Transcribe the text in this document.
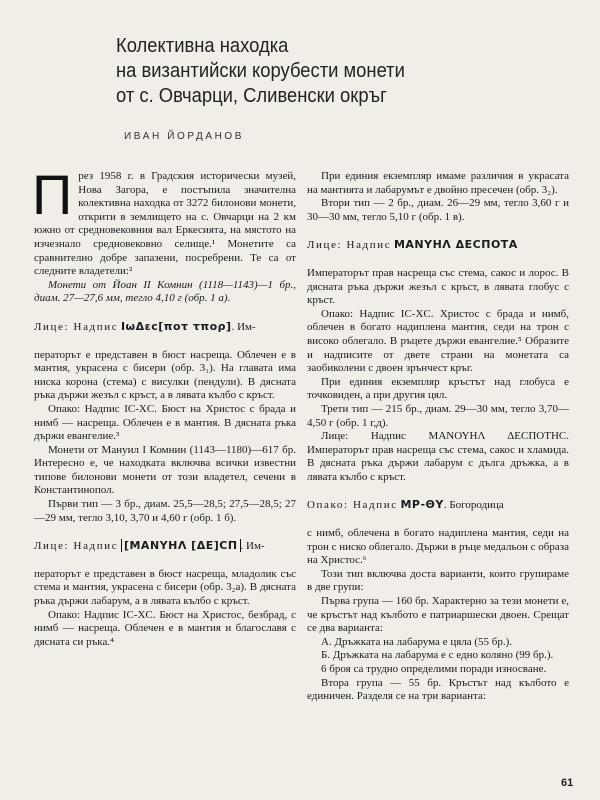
Колективна находка
на византийски корубести монети
от с. Овчарци, Сливенски окръг
ИВАН ЙОРДАНОВ

През 1958 г. в Градския исторически музей, Нова Загора, е постъпила значителна колективна находка от 3272 билонови монети, открити в землището на с. Овчарци на 2 км южно от средновековния вал Еркесията, на мястото на изчезнало средновековно селище.¹ Монетите са сравнително добре запазени, посребрени. Те са от следните владетели:²

Монети от Йоан II Комнин (1118—1143)—1 бр., диам. 27—27,6 мм, тегло 4,10 г (обр. 1 а).

Лице: Надпис IωΔεc[ποτ τπορ]. Им-

ператорът е представен в бюст насреща. Облечен е в мантия, украсена с бисери (обр. 3₁). На главата има ниска корона (стема) с висулки (пендули). В дясната ръка държи жезъл с кръст, а в лявата кълбо с кръст.

Опако: Надпис IC-XC. Бюст на Христос с брада и нимб — насреща. Облечен е в мантия. В дясната ръка държи евангелие.³

Монети от Мануил I Комнин (1143—1180)—617 бр. Интересно е, че находката включва всички известни типове билонови монети от този владетел, сечени в Константинопол.

Първи тип — 3 бр., диам. 25,5—28,5; 27,5—28,5; 27—29 мм, тегло 3,10, 3,70 и 4,60 г (обр. 1 б).

Лице: Надпис [ΜΑΝΥΗΛ [ΔΕ]CΠ . Им-

ператорът е представен в бюст насреща, младолик със стема и мантия, украсена с бисери (обр. 3₂а). В дясната ръка държи лабарум, а в лявата кълбо с кръст.

Опако: Надпис IC-XC. Бюст на Христос, безбрад, с нимб — насреща. Облечен е в мантия и благославя с дясната си ръка.⁴

При единия екземпляр имаме различия в украсата на мантията и лабарумът е двойно пресечен (обр. 3₂).

Втори тип — 2 бр., диам. 26—29 мм, тегло 3,60 г и 30—30 мм, тегло 5,10 г (обр. 1 в).

Лице: Надпис ΜΑΝΥΗΛ ΔΕCΠΟΤΑ

Императорът прав насреща със стема, сакос и лорос. В дясната ръка държи жезъл с кръст, в лявата глобус с кръст.

Опако: Надпис IC-XC. Христос с брада и нимб, облечен в богато надиплена мантия, седи на трон с високо облегало. В ръцете държи евангелие.⁵ Образите и надписите от двете страни на монетата са заобиколени с двоен зрънчест кръг.

При единия екземпляр кръстът над глобуса е точковиден, а при другия цял.

Трети тип — 215 бр., диам. 29—30 мм, тегло 3,70—4,50 г (обр. 1 г,д).

Лице: Надпис ΜΑΝΟΥΗΛ ΔΕCΠΟΤΗC. Императорът прав насреща със стема, сакос и хламида. В дясната ръка държи лабарум с дълга дръжка, а в лявата кълбо с кръст.

Опако: Надпис ΜΡ-ΘΥ. Богородица

с нимб, облечена в богато надиплена мантия, седи на трон с ниско облегало. Държи в ръце медальон с образа на Христос.⁶

Този тип включва доста варианти, които групираме в две групи:

Първа група — 160 бр. Характерно за тези монети е, че кръстът над кълбото е патриаршески двоен. Срещат се два варианта:

А. Дръжката на лабарума е цяла (55 бр.).

Б. Дръжката на лабарума е с едно коляно (99 бр.).

6 броя са трудно определими поради износване.

Втора група — 55 бр. Кръстът над кълбото е единичен. Разделя се на три варианта:

61
